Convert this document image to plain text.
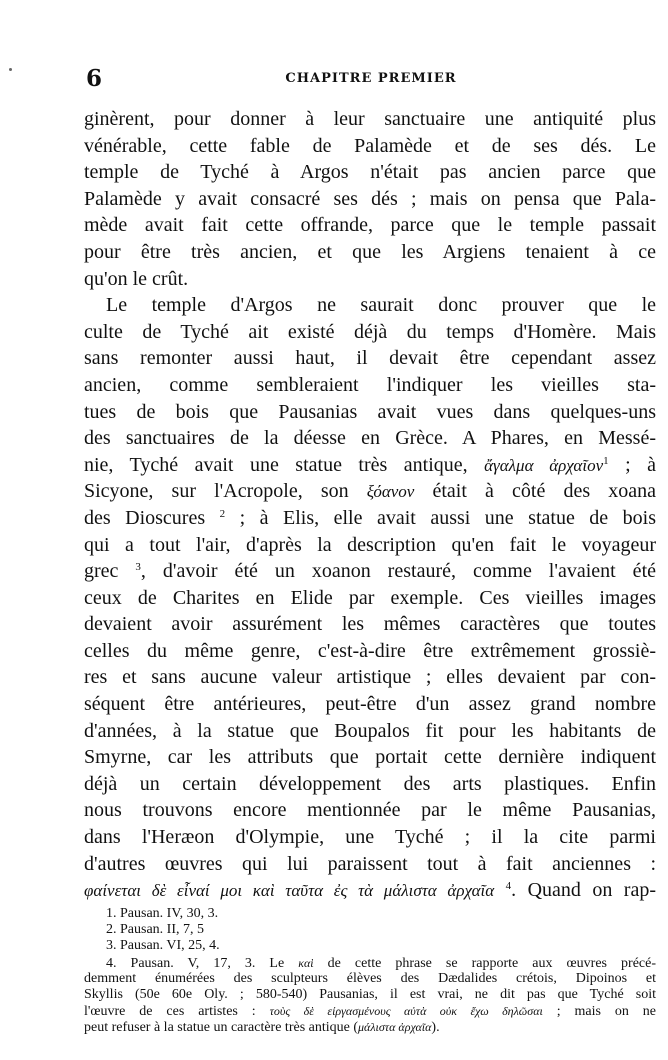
6	CHAPITRE PREMIER
ginèrent, pour donner à leur sanctuaire une antiquité plus
vénérable, cette fable de Palamède et de ses dés. Le
temple de Tyché à Argos n'était pas ancien parce que
Palamède y avait consacré ses dés ; mais on pensa que Pala-
mède avait fait cette offrande, parce que le temple passait
pour être très ancien, et que les Argiens tenaient à ce
qu'on le crût.
Le temple d'Argos ne saurait donc prouver que le
culte de Tyché ait existé déjà du temps d'Homère. Mais
sans remonter aussi haut, il devait être cependant assez
ancien, comme sembleraient l'indiquer les vieilles sta-
tues de bois que Pausanias avait vues dans quelques-uns
des sanctuaires de la déesse en Grèce. A Phares, en Messé-
nie, Tyché avait une statue très antique, ἄγαλμα ἀρχαῖον$^1$ ; à
Sicyone, sur l'Acropole, son ξόανον était à côté des xoana
des Dioscures $^2$ ; à Elis, elle avait aussi une statue de bois
qui a tout l'air, d'après la description qu'en fait le voyageur
grec $^3$, d'avoir été un xoanon restauré, comme l'avaient été
ceux de Charites en Elide par exemple. Ces vieilles images
devaient avoir assurément les mêmes caractères que toutes
celles du même genre, c'est-à-dire être extrêmement grossiè-
res et sans aucune valeur artistique ; elles devaient par con-
séquent être antérieures, peut-être d'un assez grand nombre
d'années, à la statue que Boupalos fit pour les habitants de
Smyrne, car les attributs que portait cette dernière indiquent
déjà un certain développement des arts plastiques. Enfin
nous trouvons encore mentionnée par le même Pausanias,
dans l'Heræon d'Olympie, une Tyché ; il la cite parmi
d'autres œuvres qui lui paraissent tout à fait anciennes :
φαίνεται δὲ εἶναί μοι καὶ ταῦτα ἐς τὰ μάλιστα ἀρχαῖα $^4$. Quand on rap-
1. Pausan. IV, 30, 3.
2. Pausan. II, 7, 5
3. Pausan. VI, 25, 4.
4. Pausan. V, 17, 3. Le καὶ de cette phrase se rapporte aux œuvres précé-
demment énumérées des sculpteurs élèves des Dædalides crétois, Dipoinos et
Skyllis (50e 60e Oly. ; 580-540) Pausanias, il est vrai, ne dit pas que Tyché soit
l'œuvre de ces artistes : τοὺς δὲ εἰργασμένους αὐτὰ οὐκ ἔχω δηλῶσαι ; mais on ne
peut refuser à la statue un caractère très antique (μάλιστα ἀρχαῖα).
